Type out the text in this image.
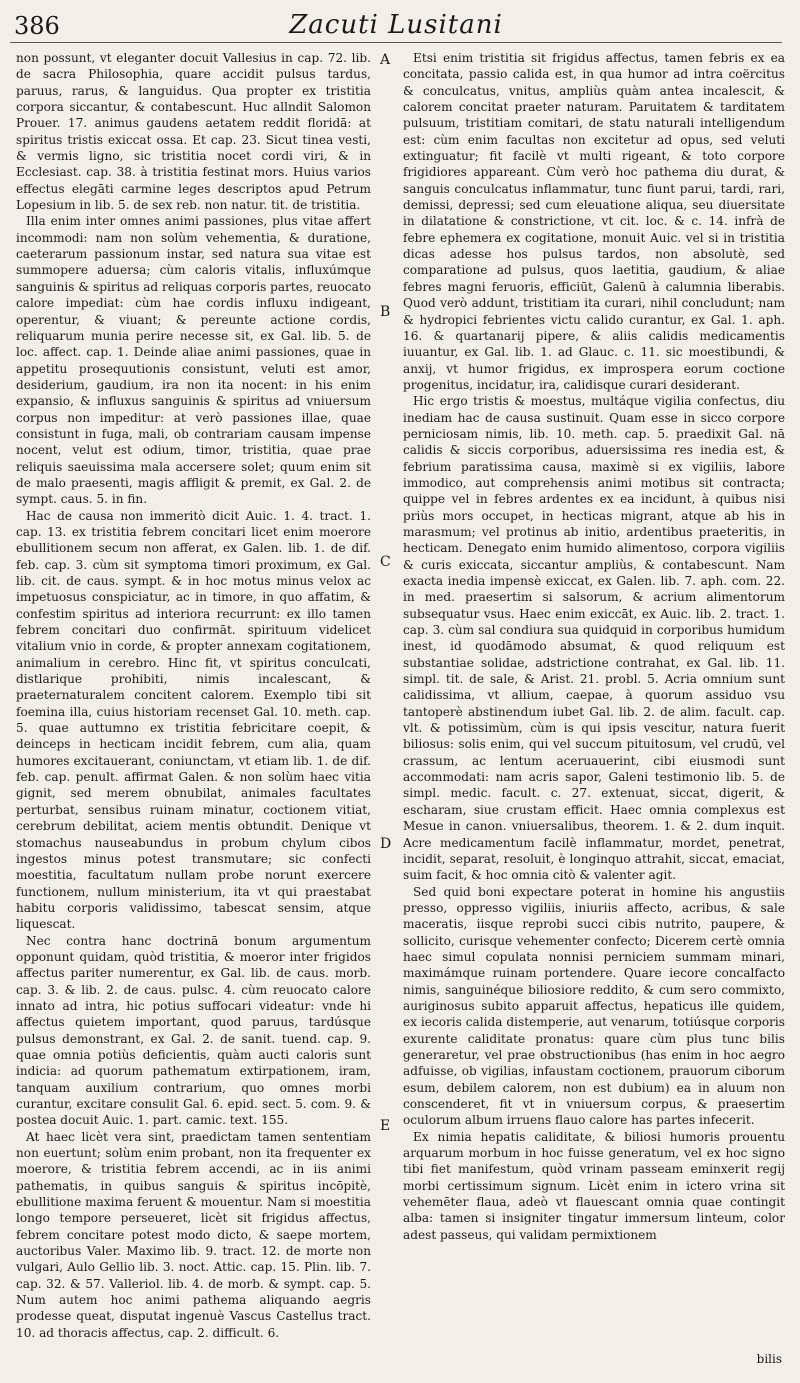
386	Zacuti Lusitani

non possunt, vt eleganter docuit Vallesius in cap. 72. lib. de sacra Philosophia, quare accidit pulsus tardus, paruus, rarus, & languidus. Qua propter ex tristitia corpora siccantur, & contabescunt. Huc allndit Salomon Prouer. 17. animus gaudens aetatem reddit floridā: at spiritus tristis exiccat ossa. Et cap. 23. Sicut tinea vesti, & vermis ligno, sic tristitia nocet cordi viri, & in Ecclesiast. cap. 38. à tristitia festinat mors. Huius varios effectus elegāti carmine leges descriptos apud Petrum Lopesium in lib. 5. de sex reb. non natur. tit. de tristitia.

Illa enim inter omnes animi passiones, plus vitae affert incommodi: nam non solùm vehementia, & duratione, caeterarum passionum instar, sed natura sua vitae est summopere aduersa; cùm caloris vitalis, influxúmque sanguinis & spiritus ad reliquas corporis partes, reuocato calore impediat: cùm hae cordis influxu indigeant, operentur, & viuant; & pereunte actione cordis, reliquarum munia perire necesse sit, ex Gal. lib. 5. de loc. affect. cap. 1. Deinde aliae animi passiones, quae in appetitu prosequutionis consistunt, veluti est amor, desiderium, gaudium, ira non ita nocent: in his enim expansio, & influxus sanguinis & spiritus ad vniuersum corpus non impeditur: at verò passiones illae, quae consistunt in fuga, mali, ob contrariam causam impense nocent, velut est odium, timor, tristitia, quae prae reliquis saeuissima mala accersere solet; quum enim sit de malo praesenti, magis affligit & premit, ex Gal. 2. de sympt. caus. 5. in fin.

Hac de causa non immeritò dicit Auic. 1. 4. tract. 1. cap. 13. ex tristitia febrem concitari licet enim moerore ebullitionem secum non afferat, ex Galen. lib. 1. de dif. feb. cap. 3. cùm sit symptoma timori proximum, ex Gal. lib. cit. de caus. sympt. & in hoc motus minus velox ac impetuosus conspiciatur, ac in timore, in quo affatim, & confestim spiritus ad interiora recurrunt: ex illo tamen febrem concitari duo confirmāt. spirituum videlicet vitalium vnio in corde, & propter annexam cogitationem, animalium in cerebro. Hinc fit, vt spiritus conculcati, distlarique prohibiti, nimis incalescant, & praeternaturalem concitent calorem. Exemplo tibi sit foemina illa, cuius historiam recenset Gal. 10. meth. cap. 5. quae auttumno ex tristitia febricitare coepit, & deinceps in hecticam incidit febrem, cum alia, quam humores excitauerant, coniunctam, vt etiam lib. 1. de dif. feb. cap. penult. affirmat Galen. & non solùm haec vitia gignit, sed merem obnubilat, animales facultates perturbat, sensibus ruinam minatur, coctionem vitiat, cerebrum debilitat, aciem mentis obtundit. Denique vt stomachus nauseabundus in probum chylum cibos ingestos minus potest transmutare; sic confecti moestitia, facultatum nullam probe norunt exercere functionem, nullum ministerium, ita vt qui praestabat habitu corporis validissimo, tabescat sensim, atque liquescat.

Nec contra hanc doctrinā bonum argumentum opponunt quidam, quòd tristitia, & moeror inter frigidos affectus pariter numerentur, ex Gal. lib. de caus. morb. cap. 3. & lib. 2. de caus. pulsc. 4. cùm reuocato calore innato ad intra, hic potius suffocari videatur: vnde hi affectus quietem important, quod paruus, tardúsque pulsus demonstrant, ex Gal. 2. de sanit. tuend. cap. 9. quae omnia potiùs deficientis, quàm aucti caloris sunt indicia: ad quorum pathematum extirpationem, iram, tanquam auxilium contrarium, quo omnes morbi curantur, excitare consulit Gal. 6. epid. sect. 5. com. 9. & postea docuit Auic. 1. part. camic. text. 155.

At haec licèt vera sint, praedictam tamen sententiam non euertunt; solùm enim probant, non ita frequenter ex moerore, & tristitia febrem accendi, ac in iis animi pathematis, in quibus sanguis & spiritus incōpitè, ebullitione maxima feruent & mouentur. Nam si moestitia longo tempore perseueret, licèt sit frigidus affectus, febrem concitare potest modo dicto, & saepe mortem, auctoribus Valer. Maximo lib. 9. tract. 12. de morte non vulgari, Aulo Gellio lib. 3. noct. Attic. cap. 15. Plin. lib. 7. cap. 32. & 57. Valleriol. lib. 4. de morb. & sympt. cap. 5. Num autem hoc animi pathema aliquando aegris prodesse queat, disputat ingenuè Vascus Castellus tract. 10. ad thoracis affectus, cap. 2. difficult. 6.

A
B
C
D
E

Etsi enim tristitia sit frigidus affectus, tamen febris ex ea concitata, passio calida est, in qua humor ad intra coërcitus & conculcatus, vnitus, ampliùs quàm antea incalescit, & calorem concitat praeter naturam. Paruitatem & tarditatem pulsuum, tristitiam comitari, de statu naturali intelligendum est: cùm enim facultas non excitetur ad opus, sed veluti extinguatur; fit facilè vt multi rigeant, & toto corpore frigidiores appareant. Cùm verò hoc pathema diu durat, & sanguis conculcatus inflammatur, tunc fiunt parui, tardi, rari, demissi, depressi; sed cum eleuatione aliqua, seu diuersitate in dilatatione & constrictione, vt cit. loc. & c. 14. infrà de febre ephemera ex cogitatione, monuit Auic. vel si in tristitia dicas adesse hos pulsus tardos, non absolutè, sed comparatione ad pulsus, quos laetitia, gaudium, & aliae febres magni feruoris, efficiūt, Galenū à calumnia liberabis. Quod verò addunt, tristitiam ita curari, nihil concludunt; nam & hydropici febrientes victu calido curantur, ex Gal. 1. aph. 16. & quartanarij pipere, & aliis calidis medicamentis iuuantur, ex Gal. lib. 1. ad Glauc. c. 11. sic moestibundi, & anxij, vt humor frigidus, ex improspera eorum coctione progenitus, incidatur, ira, calidisque curari desiderant.

Hic ergo tristis & moestus, multáque vigilia confectus, diu inediam hac de causa sustinuit. Quam esse in sicco corpore perniciosam nimis, lib. 10. meth. cap. 5. praedixit Gal. nā calidis & siccis corporibus, aduersissima res inedia est, & febrium paratissima causa, maximè si ex vigiliis, labore immodico, aut comprehensis animi motibus sit contracta; quippe vel in febres ardentes ex ea incidunt, à quibus nisi priùs mors occupet, in hecticas migrant, atque ab his in marasmum; vel protinus ab initio, ardentibus praeteritis, in hecticam. Denegato enim humido alimentoso, corpora vigiliis & curis exiccata, siccantur ampliùs, & contabescunt. Nam exacta inedia impensè exiccat, ex Galen. lib. 7. aph. com. 22. in med. praesertim si salsorum, & acrium alimentorum subsequatur vsus. Haec enim exiccāt, ex Auic. lib. 2. tract. 1. cap. 3. cùm sal condiura sua quidquid in corporibus humidum inest, id quodāmodo absumat, & quod reliquum est substantiae solidae, adstrictione contrahat, ex Gal. lib. 11. simpl. tit. de sale, & Arist. 21. probl. 5. Acria omnium sunt calidissima, vt allium, caepae, à quorum assiduo vsu tantoperè abstinendum iubet Gal. lib. 2. de alim. facult. cap. vlt. & potissimùm, cùm is qui ipsis vescitur, natura fuerit biliosus: solis enim, qui vel succum pituitosum, vel crudū, vel crassum, ac lentum aceruauerint, cibi eiusmodi sunt accommodati: nam acris sapor, Galeni testimonio lib. 5. de simpl. medic. facult. c. 27. extenuat, siccat, digerit, & escharam, siue crustam efficit. Haec omnia complexus est Mesue in canon. vniuersalibus, theorem. 1. & 2. dum inquit. Acre medicamentum facilè inflammatur, mordet, penetrat, incidit, separat, resoluit, è longinquo attrahit, siccat, emaciat, suim facit, & hoc omnia citò & valenter agit.

Sed quid boni expectare poterat in homine his angustiis presso, oppresso vigiliis, iniuriis affecto, acribus, & sale maceratis, iisque reprobi succi cibis nutrito, paupere, & sollicito, curisque vehementer confecto; Dicerem certè omnia haec simul copulata nonnisi perniciem summam minari, maximámque ruinam portendere. Quare iecore concalfacto nimis, sanguinéque biliosiore reddito, & cum sero commixto, auriginosus subito apparuit affectus, hepaticus ille quidem, ex iecoris calida distemperie, aut venarum, totiúsque corporis exurente caliditate pronatus: quare cùm plus tunc bilis generaretur, vel prae obstructionibus (has enim in hoc aegro adfuisse, ob vigilias, infaustam coctionem, prauorum ciborum esum, debilem calorem, non est dubium) ea in aluum non conscenderet, fit vt in vniuersum corpus, & praesertim oculorum album irruens flauo calore has partes infecerit.

Ex nimia hepatis caliditate, & biliosi humoris prouentu arquarum morbum in hoc fuisse generatum, vel ex hoc signo tibi fiet manifestum, quòd vrinam passeam eminxerit regij morbi certissimum signum. Licèt enim in ictero vrina sit vehemēter flaua, adeò vt flauescant omnia quae contingit alba: tamen si insigniter tingatur immersum linteum, color adest passeus, qui validam permixtionem

bilis
